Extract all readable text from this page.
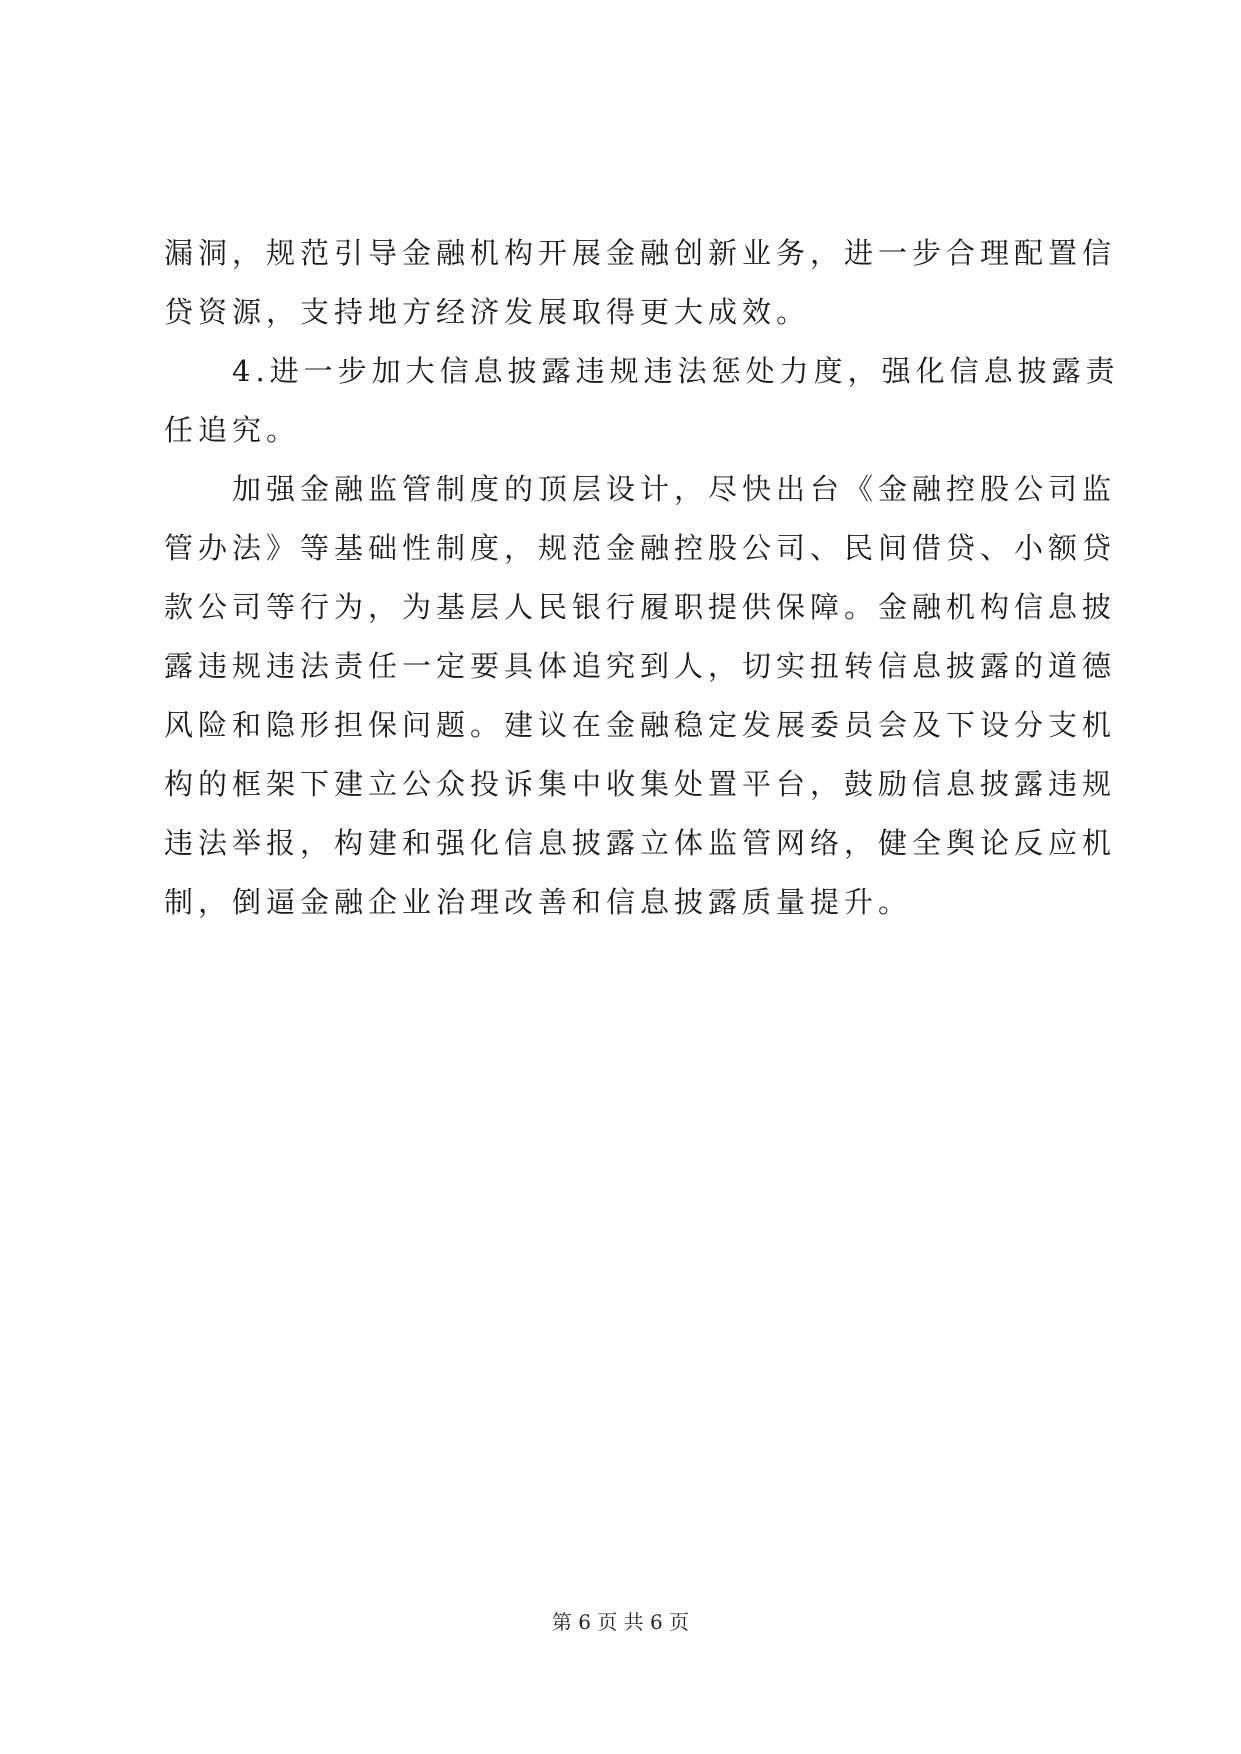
漏洞，规范引导金融机构开展金融创新业务，进一步合理配置信
贷资源，支持地方经济发展取得更大成效。
4.进一步加大信息披露违规违法惩处力度，强化信息披露责
任追究。
加强金融监管制度的顶层设计，尽快出台《金融控股公司监
管办法》等基础性制度，规范金融控股公司、民间借贷、小额贷
款公司等行为，为基层人民银行履职提供保障。金融机构信息披
露违规违法责任一定要具体追究到人，切实扭转信息披露的道德
风险和隐形担保问题。建议在金融稳定发展委员会及下设分支机
构的框架下建立公众投诉集中收集处置平台，鼓励信息披露违规
违法举报，构建和强化信息披露立体监管网络，健全舆论反应机
制，倒逼金融企业治理改善和信息披露质量提升。
第 6 页 共 6 页
